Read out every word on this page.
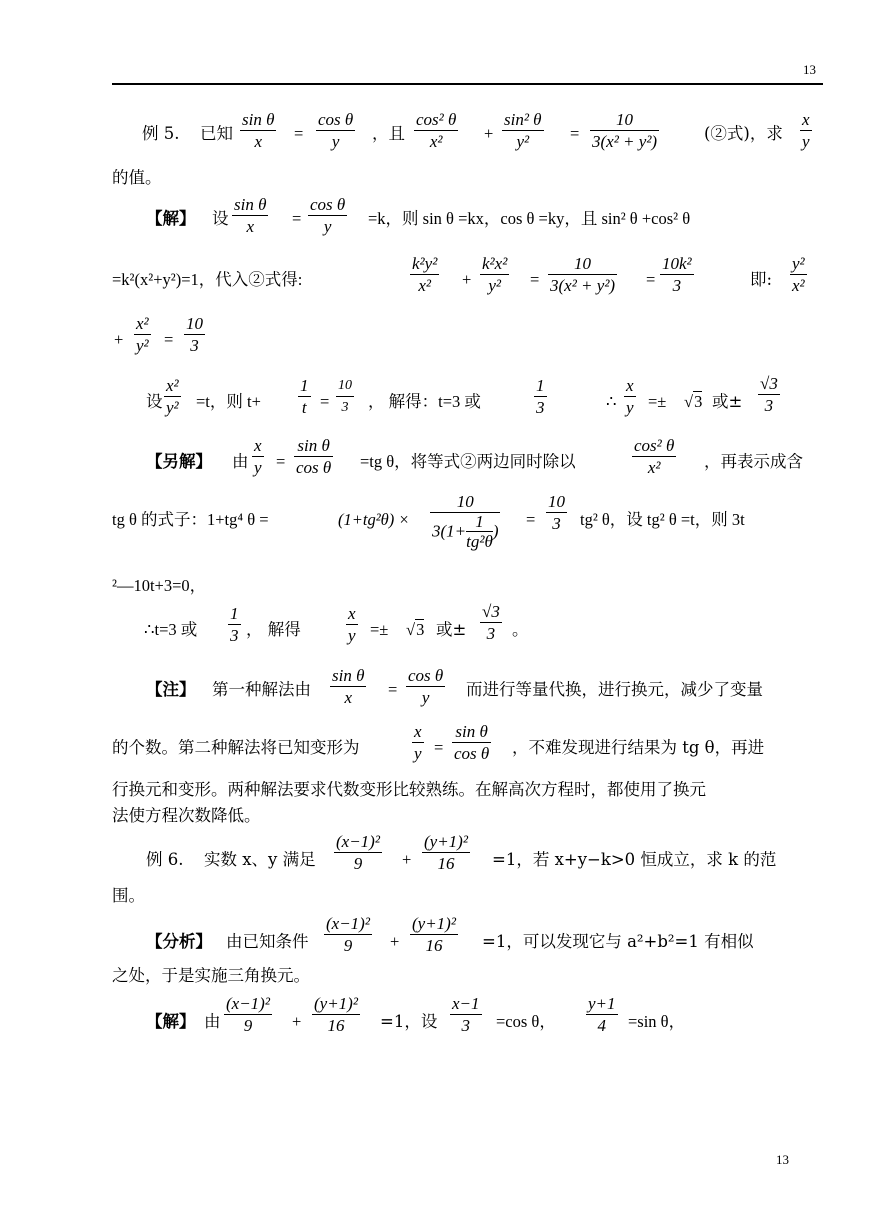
13
例 5. 已知 $\frac{\text{sin θ}}{x} = \frac{\text{cos θ}}{y}$ ，且 $\frac{\text{cos² θ}}{\text{x²}} + \frac{\text{sin² θ}}{\text{y²}} = \frac{10}{\text{3(x² + y²)}}$	(②式)，求 $\frac{x}{y}$
的值。
【解】 设 $\frac{\text{sin θ}}{x} = \frac{\text{cos θ}}{y} =k$，则 sin θ =kx，cos θ =ky，且 sin² θ +cos² θ
=k²(x²+y²)=1，代入②式得:	$\frac{\text{k²y²}}{\text{x²}} + \frac{\text{k²x²}}{\text{y²}} = \frac{10}{\text{3(x² + y²)}} = \frac{\text{10k²}}{3}$	即: $\frac{\text{y²}}{\text{x²}}$
+ $\frac{\text{x²}}{\text{y²}} = \frac{10}{3}$
设 $\frac{\text{x²}}{\text{y²}} =t$，则 $t+ \frac{1}{t} = \frac{10}{3}$ ， 解得：t=3 或	$\frac{1}{3}$	∴ $\frac{x}{y} =\pm √3$ 或± $\frac{√3}{3}$
【另解】 由 $\frac{x}{y} = \frac{\text{sin θ}}{\text{cos θ}} =tg$ θ，将等式②两边同时除以	$\frac{\text{cos² θ}}{\text{x²}}$ ，再表示成含
tg θ 的式子：1+tg⁴ θ =	$(1+tg^2\theta) \times \frac{10}{3(1+ \frac{1}{\text{tg²θ}} )} = \frac{10}{3} tg^2$ θ，设 tg² θ =t，则 3t
²—10t+3=0，
∴t=3 或 $\frac{1}{3}$ ， 解得	$\frac{x}{y} =\pm √3$ 或± $\frac{√3}{3}$ 。
【注】 第一种解法由 $\frac{\text{sin θ}}{x} = \frac{\text{cos θ}}{y}$ 而进行等量代换，进行换元，减少了变量
的个数。第二种解法将已知变形为	$\frac{x}{y} = \frac{\text{sin θ}}{\text{cos θ}}$ ，不难发现进行结果为 tg θ，再进
行换元和变形。两种解法要求代数变形比较熟练。在解高次方程时，都使用了换元
法使方程次数降低。
例 6. 实数 x、y 满足 $\frac{\text{(x−1)²}}{9} + \frac{\text{(y+1)²}}{16} =1$，若 x+y−k>0 恒成立，求 k 的范
围。
【分析】 由已知条件 $\frac{\text{(x−1)²}}{9} + \frac{\text{(y+1)²}}{16} =1$，可以发现它与 a²+b²=1 有相似
之处，于是实施三角换元。
【解】 由 $\frac{\text{(x−1)²}}{9} + \frac{\text{(y+1)²}}{16} =1$，设 $\frac{x-1}{3} =\cos$ θ， $\frac{y+1}{4} =\sin$ θ，
13
